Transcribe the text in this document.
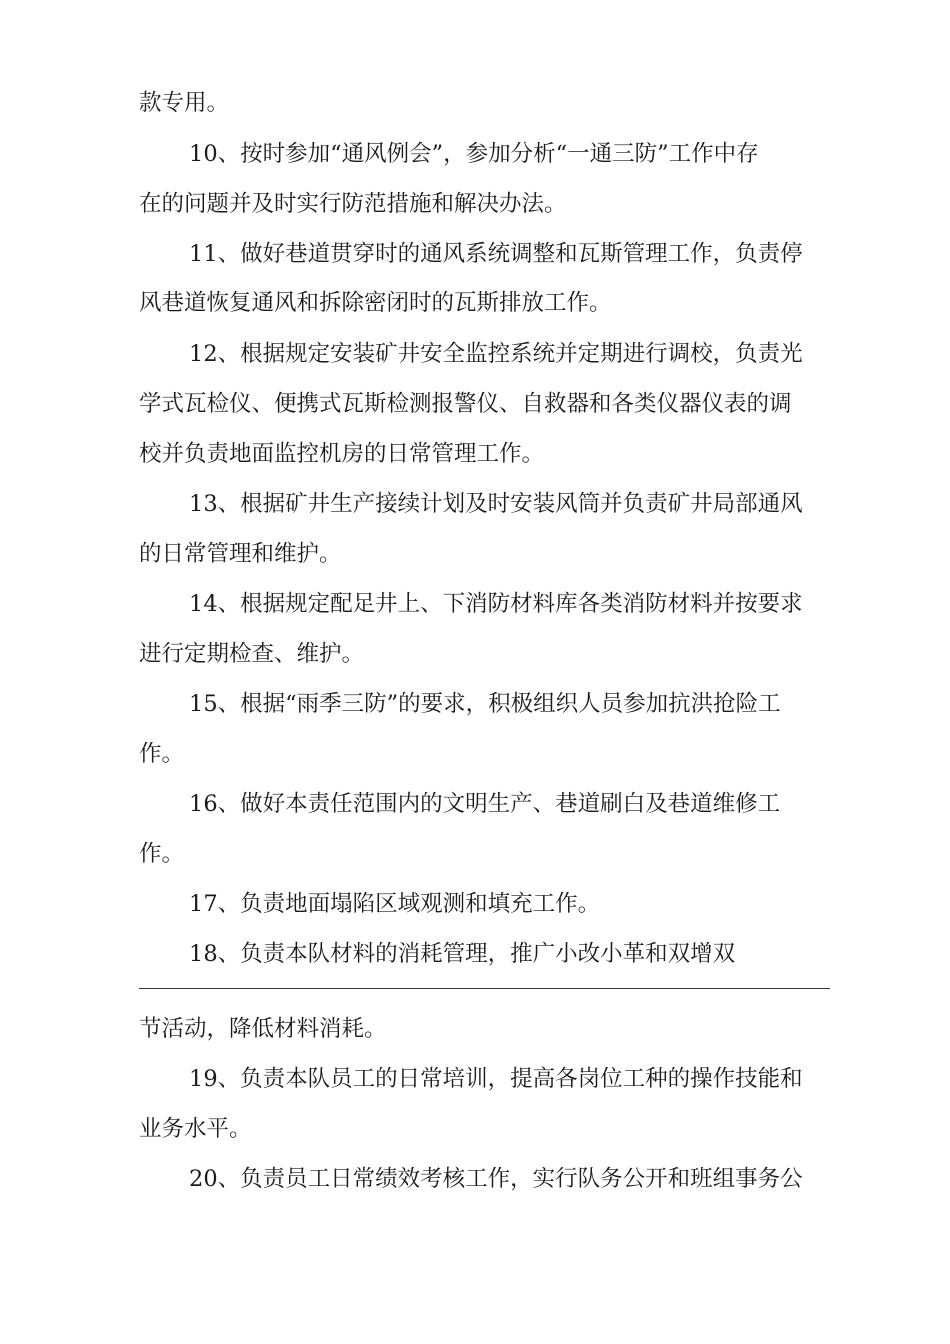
款专用。
10、按时参加“通风例会”，参加分析“一通三防”工作中存
在的问题并及时实行防范措施和解决办法。
11、做好巷道贯穿时的通风系统调整和瓦斯管理工作，负责停
风巷道恢复通风和拆除密闭时的瓦斯排放工作。
12、根据规定安装矿井安全监控系统并定期进行调校，负责光
学式瓦检仪、便携式瓦斯检测报警仪、自救器和各类仪器仪表的调
校并负责地面监控机房的日常管理工作。
13、根据矿井生产接续计划及时安装风筒并负责矿井局部通风
的日常管理和维护。
14、根据规定配足井上、下消防材料库各类消防材料并按要求
进行定期检查、维护。
15、根据“雨季三防”的要求，积极组织人员参加抗洪抢险工
作。
16、做好本责任范围内的文明生产、巷道刷白及巷道维修工
作。
17、负责地面塌陷区域观测和填充工作。
18、负责本队材料的消耗管理，推广小改小革和双增双
节活动，降低材料消耗。
19、负责本队员工的日常培训，提高各岗位工种的操作技能和
业务水平。
20、负责员工日常绩效考核工作，实行队务公开和班组事务公
